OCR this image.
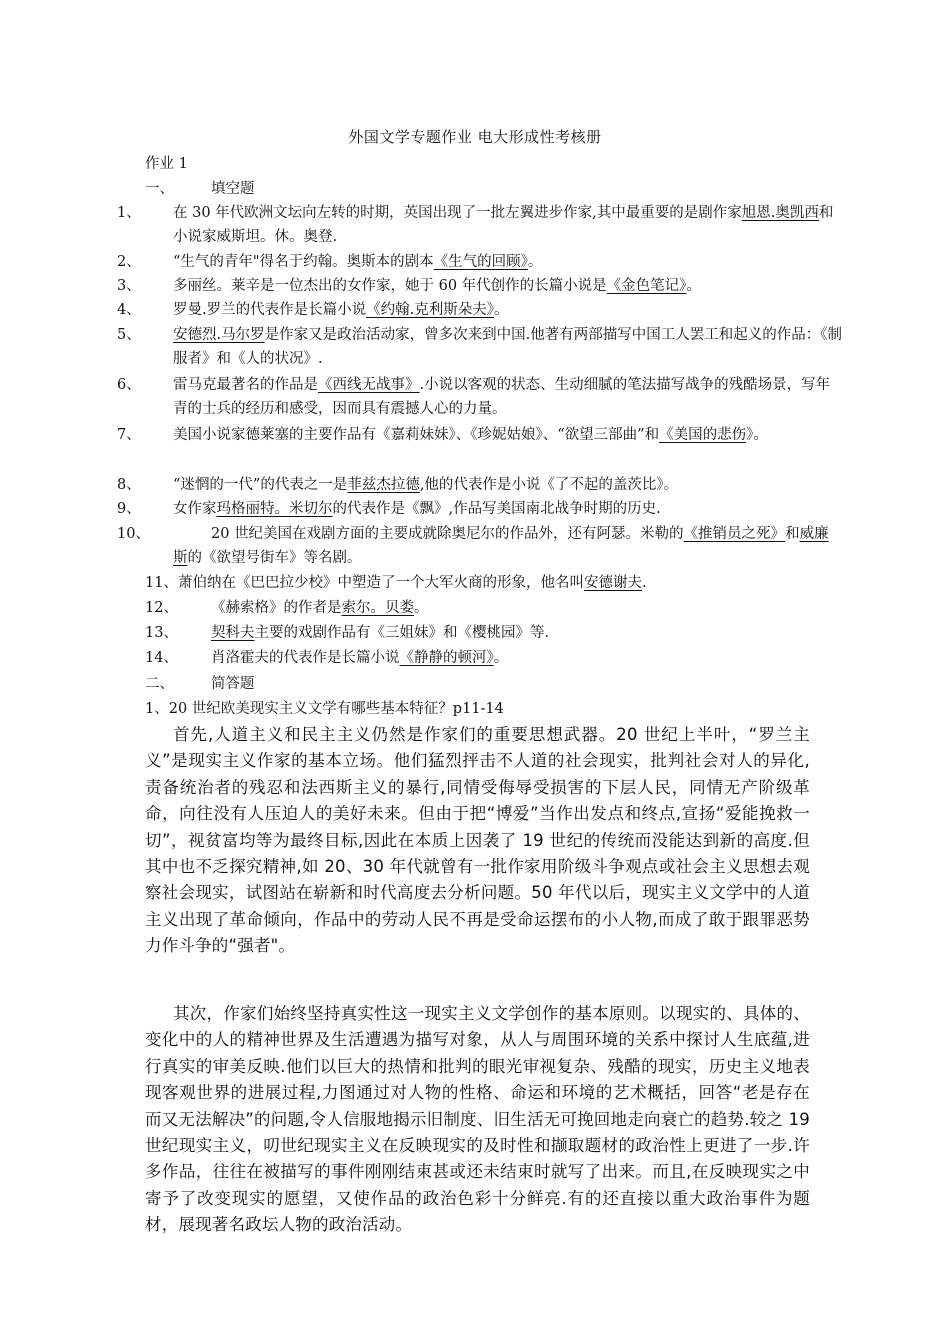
外国文学专题作业 电大形成性考核册
作业 1
一、	填空题
1、 在 30 年代欧洲文坛向左转的时期，英国出现了一批左翼进步作家,其中最重要的是剧作家旭恩.奥凯西和小说家威斯坦。休。奥登.
2、 “生气的青年"得名于约翰。奥斯本的剧本《生气的回顾》。
3、 多丽丝。莱辛是一位杰出的女作家，她于 60 年代创作的长篇小说是《金色笔记》。
4、 罗曼.罗兰的代表作是长篇小说《约翰.克利斯朵夫》。
5、 安德烈.马尔罗是作家又是政治活动家，曾多次来到中国.他著有两部描写中国工人罢工和起义的作品：《制服者》和《人的状况》.
6、 雷马克最著名的作品是《西线无战事》.小说以客观的状态、生动细腻的笔法描写战争的残酷场景，写年青的士兵的经历和感受，因而具有震撼人心的力量。
7、 美国小说家德莱塞的主要作品有《嘉莉妹妹》、《珍妮姑娘》、“欲望三部曲”和《美国的悲伤》。
8、 “迷惘的一代”的代表之一是菲兹杰拉德,他的代表作是小说《了不起的盖茨比》。
9、 女作家玛格丽特。米切尔的代表作是《飘》,作品写美国南北战争时期的历史.
10、	20 世纪美国在戏剧方面的主要成就除奥尼尔的作品外，还有阿瑟。米勒的《推销员之死》和威廉斯的《欲望号街车》等名剧。
11、萧伯纳在《巴巴拉少校》中塑造了一个大军火商的形象，他名叫安德谢夫.
12、 《赫索格》的作者是索尔。贝娄。
13、 契科夫主要的戏剧作品有《三姐妹》和《樱桃园》等.
14、 肖洛霍夫的代表作是长篇小说《静静的顿河》。
二、	简答题
1、20 世纪欧美现实主义文学有哪些基本特征？p11-14
首先,人道主义和民主主义仍然是作家们的重要思想武器。20 世纪上半叶，“罗兰主义”是现实主义作家的基本立场。他们猛烈抨击不人道的社会现实，批判社会对人的异化,责备统治者的残忍和法西斯主义的暴行,同情受侮辱受损害的下层人民，同情无产阶级革命，向往没有人压迫人的美好未来。但由于把“博爱”当作出发点和终点,宣扬“爱能挽救一切”，视贫富均等为最终目标,因此在本质上因袭了 19 世纪的传统而没能达到新的高度.但其中也不乏探究精神,如 20、30 年代就曾有一批作家用阶级斗争观点或社会主义思想去观察社会现实，试图站在崭新和时代高度去分析问题。50 年代以后，现实主义文学中的人道主义出现了革命倾向，作品中的劳动人民不再是受命运摆布的小人物,而成了敢于跟罪恶势力作斗争的“强者"。
其次，作家们始终坚持真实性这一现实主义文学创作的基本原则。以现实的、具体的、变化中的人的精神世界及生活遭遇为描写对象，从人与周围环境的关系中探讨人生底蕴,进行真实的审美反映.他们以巨大的热情和批判的眼光审视复杂、残酷的现实，历史主义地表现客观世界的进展过程,力图通过对人物的性格、命运和环境的艺术概括，回答“老是存在而又无法解决”的问题,令人信服地揭示旧制度、旧生活无可挽回地走向衰亡的趋势.较之 19 世纪现实主义，叨世纪现实主义在反映现实的及时性和撷取题材的政治性上更进了一步.许多作品，往往在被描写的事件刚刚结束甚或还未结束时就写了出来。而且,在反映现实之中寄予了改变现实的愿望，又使作品的政治色彩十分鲜亮.有的还直接以重大政治事件为题材，展现著名政坛人物的政治活动。
